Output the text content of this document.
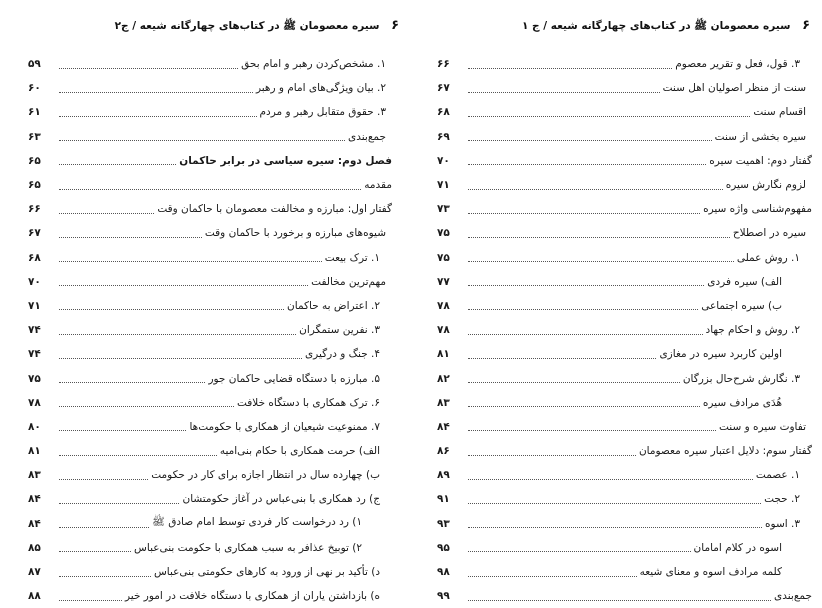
۶ سیره معصومان ﷺ در کتاب‌های چهارگانه شیعه / ج۲
۱. مشخص‌کردن رهبر و امام بحق
۵۹
۲. بیان ویژگی‌های امام و رهبر
۶۰
۳. حقوق متقابل رهبر و مردم
۶۱
جمع‌بندی
۶۳
فصل دوم: سیره سیاسی در برابر حاکمان
۶۵
مقدمه
۶۵
گفتار اول: مبارزه و مخالفت معصومان با حاکمان وقت
۶۶
شیوه‌های مبارزه و برخورد با حاکمان وقت
۶۷
۱. ترک بیعت
۶۸
مهم‌ترین مخالفت
۷۰
۲. اعتراض به حاکمان
۷۱
۳. نفرین ستمگران
۷۴
۴. جنگ و درگیری
۷۴
۵. مبارزه با دستگاه قضایی حاکمان جور
۷۵
۶. ترک همکاری با دستگاه خلافت
۷۸
۷. ممنوعیت شیعیان از همکاری با حکومت‌ها
۸۰
الف) حرمت همکاری با حکام بنی‌امیه
۸۱
ب) چهارده سال در انتظار اجازه برای کار در حکومت
۸۳
ج) رد همکاری با بنی‌عباس در آغاز حکومتشان
۸۴
۱) رد درخواست کار فردی توسط امام صادق ﷺ
۸۴
۲) توبیخ عذافر به سبب همکاری با حکومت بنی‌عباس
۸۵
د) تأکید بر نهی از ورود به کارهای حکومتی بنی‌عباس
۸۷
ه) بازداشتن یاران از همکاری با دستگاه خلافت در امور خیر
۸۸
۶ سیره معصومان ﷺ در کتاب‌های چهارگانه شیعه / ج ۱
۳. قول، فعل و تقریر معصوم
۶۶
سنت از منظر اصولیان اهل سنت
۶۷
اقسام سنت
۶۸
سیره بخشی از سنت
۶۹
گفتار دوم: اهمیت سیره
۷۰
لزوم نگارش سیره
۷۱
مفهوم‌شناسی واژه سیره
۷۳
سیره در اصطلاح
۷۵
۱. روش عملی
۷۵
الف) سیره فردی
۷۷
ب) سیره اجتماعی
۷۸
۲. روش و احکام جهاد
۷۸
اولین کاربرد سیره در مغازی
۸۱
۳. نگارش شرح‌حال بزرگان
۸۲
هُدَی مرادف سیره
۸۳
تفاوت سیره و سنت
۸۴
گفتار سوم: دلایل اعتبار سیره معصومان
۸۶
۱. عصمت
۸۹
۲. حجت
۹۱
۳. اسوه
۹۳
اسوه در کلام امامان
۹۵
کلمه مرادف اسوه و معنای شیعه
۹۸
جمع‌بندی
۹۹
